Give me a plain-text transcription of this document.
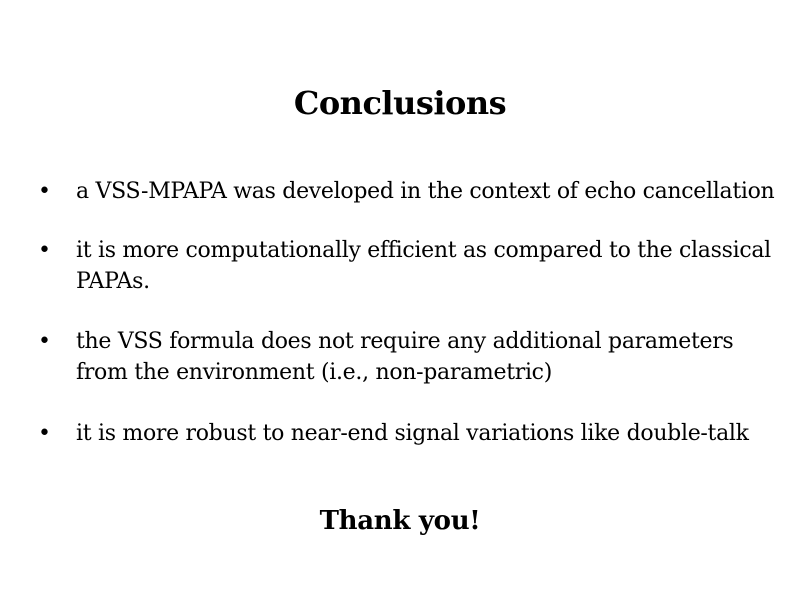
Conclusions
• a VSS-MPAPA was developed in the context of echo cancellation
• it is more computationally efficient as compared to the classical PAPAs.
• the VSS formula does not require any additional parameters from the environment (i.e., non-parametric)
• it is more robust to near-end signal variations like double-talk
Thank you!
